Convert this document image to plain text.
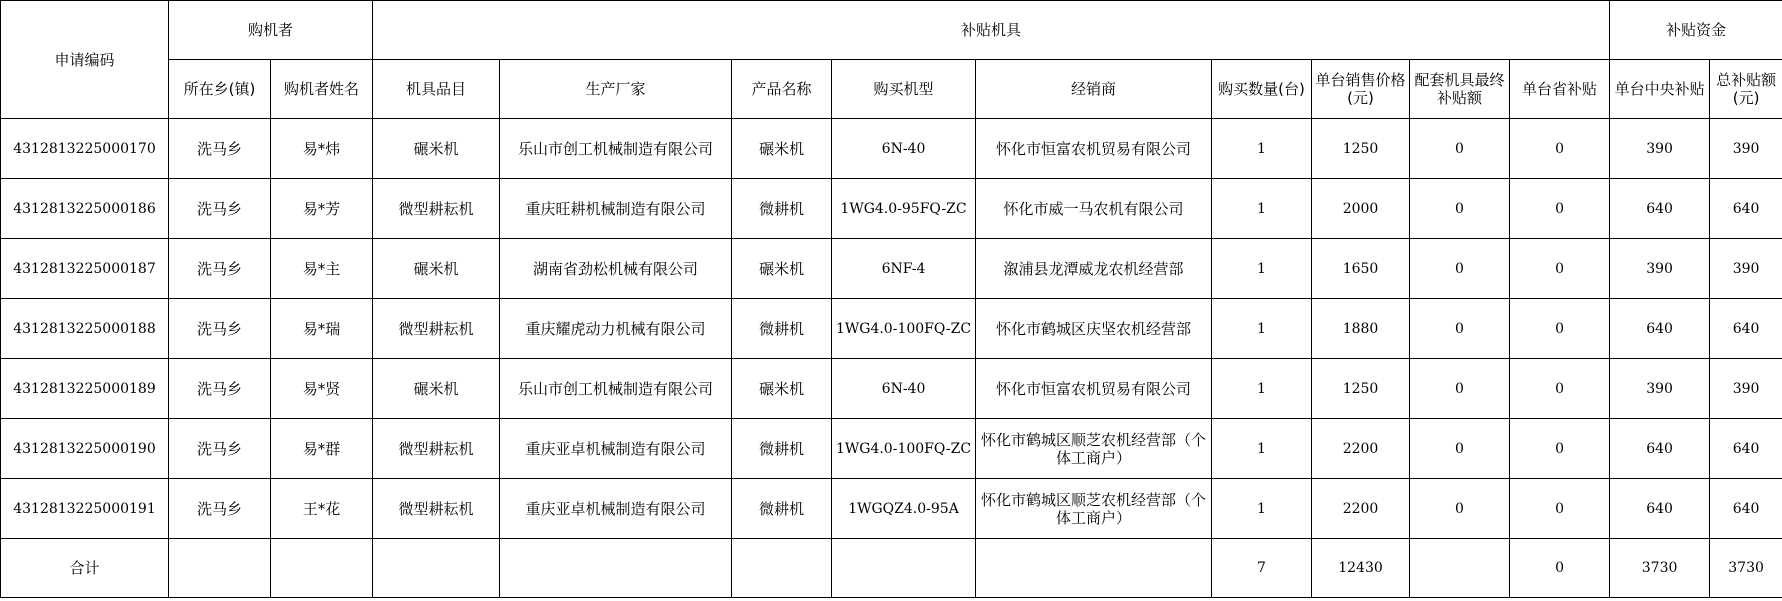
申请编码	购机者		补贴机具									补贴资金	
	所在乡(镇)	购机者姓名	机具品目	生产厂家	产品名称	购买机型	经销商	购买数量(台)	单台销售价格(元)	配套机具最终补贴额	单台省补贴	单台中央补贴	总补贴额(元)
4312813225000170	洗马乡	易*炜	碾米机	乐山市创工机械制造有限公司	碾米机	6N-40	怀化市恒富农机贸易有限公司	1	1250	0	0	390	390
4312813225000186	洗马乡	易*芳	微型耕耘机	重庆旺耕机械制造有限公司	微耕机	1WG4.0-95FQ-ZC	怀化市威一马农机有限公司	1	2000	0	0	640	640
4312813225000187	洗马乡	易*主	碾米机	湖南省劲松机械有限公司	碾米机	6NF-4	溆浦县龙潭威龙农机经营部	1	1650	0	0	390	390
4312813225000188	洗马乡	易*瑞	微型耕耘机	重庆耀虎动力机械有限公司	微耕机	1WG4.0-100FQ-ZC	怀化市鹤城区庆坚农机经营部	1	1880	0	0	640	640
4312813225000189	洗马乡	易*贤	碾米机	乐山市创工机械制造有限公司	碾米机	6N-40	怀化市恒富农机贸易有限公司	1	1250	0	0	390	390
4312813225000190	洗马乡	易*群	微型耕耘机	重庆亚卓机械制造有限公司	微耕机	1WG4.0-100FQ-ZC	怀化市鹤城区顺芝农机经营部（个体工商户）	1	2200	0	0	640	640
4312813225000191	洗马乡	王*花	微型耕耘机	重庆亚卓机械制造有限公司	微耕机	1WGQZ4.0-95A	怀化市鹤城区顺芝农机经营部（个体工商户）	1	2200	0	0	640	640
合计								7	12430		0	3730	3730
